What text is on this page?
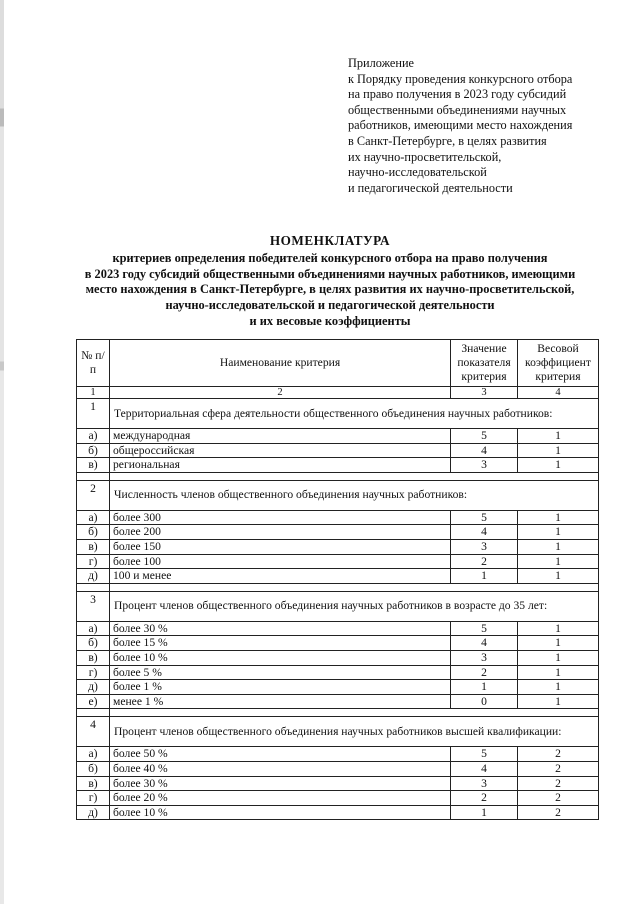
Приложение
к Порядку проведения конкурсного отбора
на право получения в 2023 году субсидий
общественными объединениями научных
работников, имеющими место нахождения
в Санкт-Петербурге, в целях развития
их научно-просветительской,
научно-исследовательской
и педагогической деятельности
НОМЕНКЛАТУРА
критериев определения победителей конкурсного отбора на право получения
в 2023 году субсидий общественными объединениями научных работников, имеющими
место нахождения в Санкт-Петербурге, в целях развития их научно-просветительской,
научно-исследовательской и педагогической деятельности
и их весовые коэффициенты
№ п/п	Наименование критерия	Значение показателя критерия	Весовой коэффициент критерия
1	2	3	4
1	Территориальная сфера деятельности общественного объединения научных работников:		
а)	международная	5	1
б)	общероссийская	4	1
в)	региональная	3	1

2	Численность членов общественного объединения научных работников:		
а)	более 300	5	1
б)	более 200	4	1
в)	более 150	3	1
г)	более 100	2	1
д)	100 и менее	1	1

3	Процент членов общественного объединения научных работников в возрасте до 35 лет:		
а)	более 30 %	5	1
б)	более 15 %	4	1
в)	более 10 %	3	1
г)	более 5 %	2	1
д)	более 1 %	1	1
е)	менее 1 %	0	1

4	Процент членов общественного объединения научных работников высшей квалификации:		
а)	более 50 %	5	2
б)	более 40 %	4	2
в)	более 30 %	3	2
г)	более 20 %	2	2
д)	более 10 %	1	2
